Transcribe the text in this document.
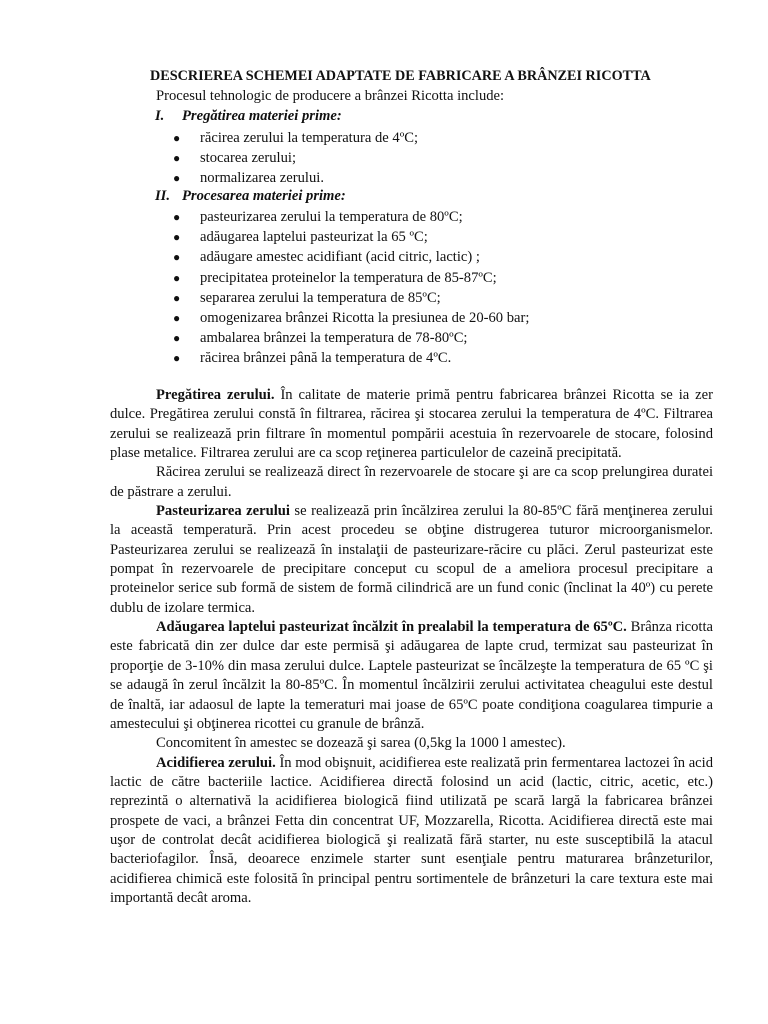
DESCRIEREA SCHEMEI ADAPTATE DE FABRICARE A BRÂNZEI RICOTTA
Procesul tehnologic de producere a brânzei Ricotta include:
I. Pregătirea materiei prime:
● răcirea zerului la temperatura de 4ºC;
● stocarea zerului;
● normalizarea zerului.
II. Procesarea materiei prime:
● pasteurizarea zerului la temperatura de 80ºC;
● adăugarea laptelui pasteurizat la 65 ºC;
● adăugare amestec acidifiant (acid citric, lactic) ;
● precipitatea proteinelor la temperatura de 85-87ºC;
● separarea zerului la temperatura de 85ºC;
● omogenizarea brânzei Ricotta la presiunea de 20-60 bar;
● ambalarea brânzei la temperatura de 78-80ºC;
● răcirea brânzei până la temperatura de 4ºC.

Pregătirea zerului. În calitate de materie primă pentru fabricarea brânzei Ricotta se ia zer dulce. Pregătirea zerului constă în filtrarea, răcirea şi stocarea zerului la temperatura de 4ºC. Filtrarea zerului se realizează prin filtrare în momentul pompării acestuia în rezervoarele de stocare, folosind plase metalice. Filtrarea zerului are ca scop reţinerea particulelor de cazeină precipitată.

Răcirea zerului se realizează direct în rezervoarele de stocare şi are ca scop prelungirea duratei de păstrare a zerului.

Pasteurizarea zerului se realizează prin încălzirea zerului la 80-85ºC fără menţinerea zerului la această temperatură. Prin acest procedeu se obţine distrugerea tuturor microorganismelor. Pasteurizarea zerului se realizează în instalaţii de pasteurizare-răcire cu plăci. Zerul pasteurizat este pompat în rezervoarele de precipitare conceput cu scopul de a ameliora procesul precipitare a proteinelor serice sub formă de sistem de formă cilindrică are un fund conic (înclinat la 40º) cu perete dublu de izolare termica.

Adăugarea laptelui pasteurizat încălzit în prealabil la temperatura de 65ºC. Brânza ricotta este fabricată din zer dulce dar este permisă şi adăugarea de lapte crud, termizat sau pasteurizat în proporţie de 3-10% din masa zerului dulce. Laptele pasteurizat se încălzeşte la temperatura de 65 ºC şi se adaugă în zerul încălzit la 80-85ºC. În momentul încălzirii zerului activitatea cheagului este destul de înaltă, iar adaosul de lapte la temeraturi mai joase de 65ºC poate condiţiona coagularea timpurie a amestecului şi obţinerea ricottei cu granule de brânză.

Concomitent în amestec se dozează şi sarea (0,5kg la 1000 l amestec).

Acidifierea zerului. În mod obişnuit, acidifierea este realizată prin fermentarea lactozei în acid lactic de către bacteriile lactice. Acidifierea directă folosind un acid (lactic, citric, acetic, etc.) reprezintă o alternativă la acidifierea biologică fiind utilizată pe scară largă la fabricarea brânzei prospete de vaci, a brânzei Fetta din concentrat UF, Mozzarella, Ricotta. Acidifierea directă este mai uşor de controlat decât acidifierea biologică şi realizată fără starter, nu este susceptibilă la atacul bacteriofagilor. Însă, deoarece enzimele starter sunt esenţiale pentru maturarea brânzeturilor, acidifierea chimică este folosită în principal pentru sortimentele de brânzeturi la care textura este mai importantă decât aroma.
